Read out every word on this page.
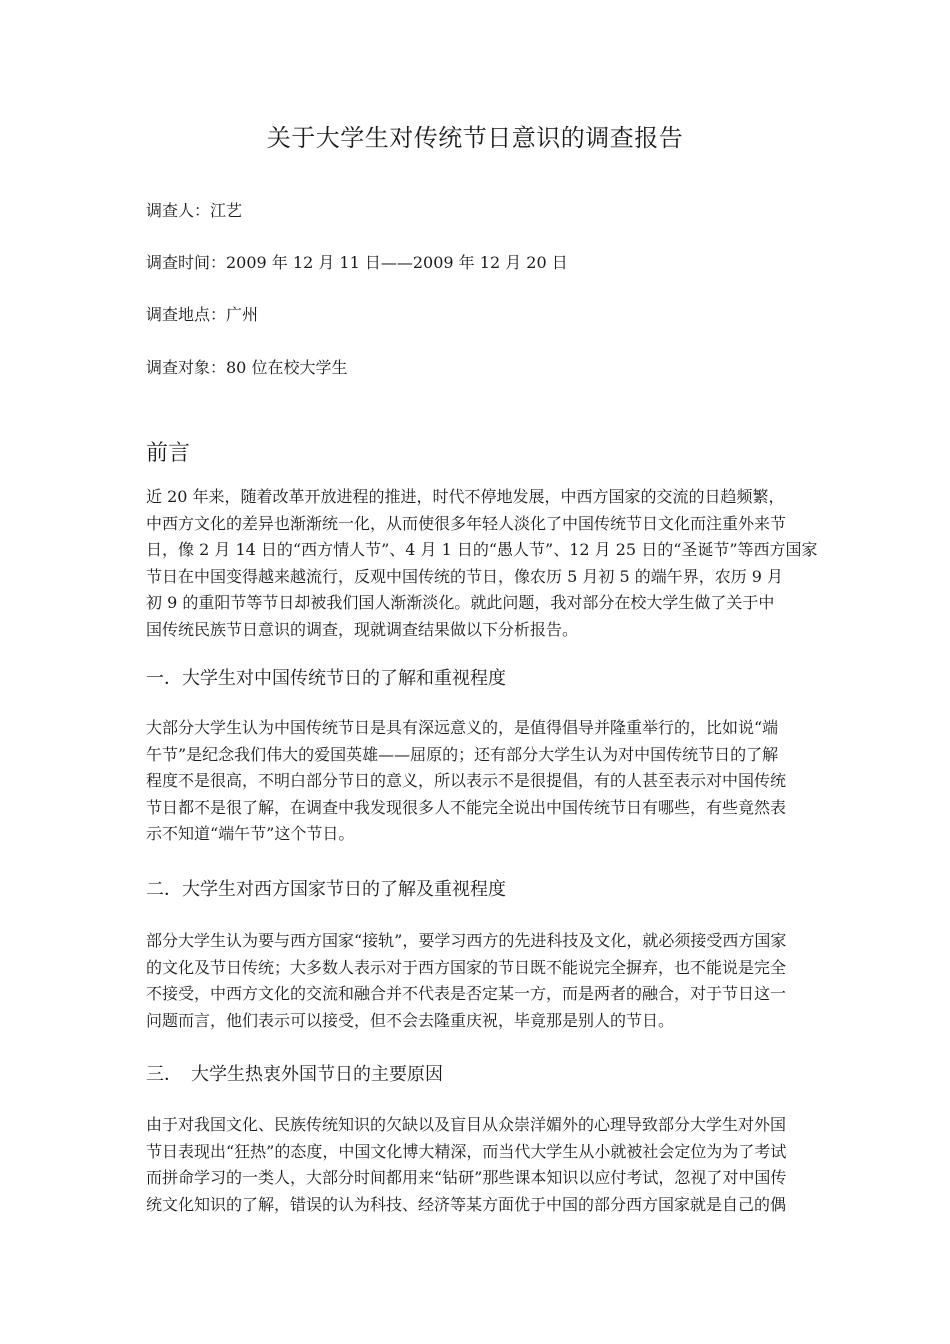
关于大学生对传统节日意识的调查报告
调查人：江艺
调查时间：2009 年 12 月 11 日——2009 年 12 月 20 日
调查地点：广州
调查对象：80 位在校大学生
前言
近 20 年来，随着改革开放进程的推进，时代不停地发展，中西方国家的交流的日趋频繁，
中西方文化的差异也渐渐统一化，从而使很多年轻人淡化了中国传统节日文化而注重外来节
日，像 2 月 14 日的“西方情人节”、4 月 1 日的“愚人节”、12 月 25 日的“圣诞节”等西方国家
节日在中国变得越来越流行，反观中国传统的节日，像农历 5 月初 5 的端午界，农历 9 月
初 9 的重阳节等节日却被我们国人渐渐淡化。就此问题，我对部分在校大学生做了关于中
国传统民族节日意识的调查，现就调查结果做以下分析报告。
一．大学生对中国传统节日的了解和重视程度
大部分大学生认为中国传统节日是具有深远意义的，是值得倡导并隆重举行的，比如说“端
午节”是纪念我们伟大的爱国英雄——屈原的；还有部分大学生认为对中国传统节日的了解
程度不是很高，不明白部分节日的意义，所以表示不是很提倡，有的人甚至表示对中国传统
节日都不是很了解，在调查中我发现很多人不能完全说出中国传统节日有哪些，有些竟然表
示不知道“端午节”这个节日。
二．大学生对西方国家节日的了解及重视程度
部分大学生认为要与西方国家“接轨”，要学习西方的先进科技及文化，就必须接受西方国家
的文化及节日传统；大多数人表示对于西方国家的节日既不能说完全摒弃，也不能说是完全
不接受，中西方文化的交流和融合并不代表是否定某一方，而是两者的融合，对于节日这一
问题而言，他们表示可以接受，但不会去隆重庆祝，毕竟那是别人的节日。
三．　大学生热衷外国节日的主要原因
由于对我国文化、民族传统知识的欠缺以及盲目从众崇洋媚外的心理导致部分大学生对外国
节日表现出“狂热”的态度，中国文化博大精深，而当代大学生从小就被社会定位为为了考试
而拼命学习的一类人，大部分时间都用来“钻研”那些课本知识以应付考试，忽视了对中国传
统文化知识的了解，错误的认为科技、经济等某方面优于中国的部分西方国家就是自己的偶
